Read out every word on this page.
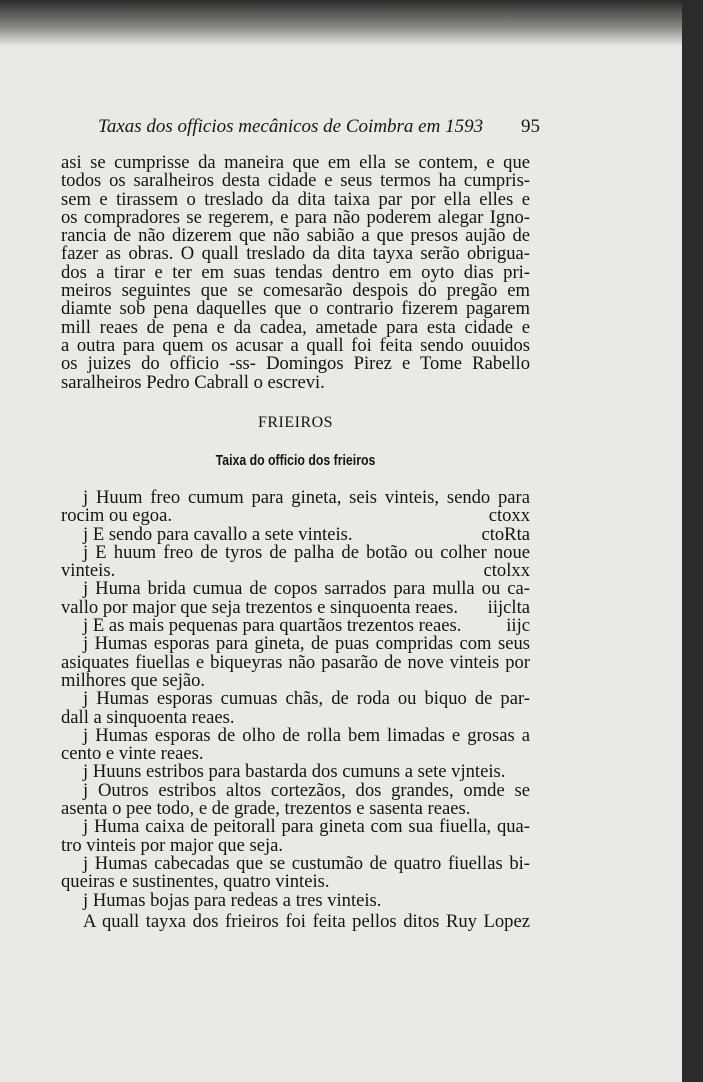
Taxas dos officios mecânicos de Coimbra em 1593 95
asi se cumprisse da maneira que em ella se contem, e que
todos os saralheiros desta cidade e seus termos ha cumpris-
sem e tirassem o treslado da dita taixa par por ella elles e
os compradores se regerem, e para não poderem alegar Igno-
rancia de não dizerem que não sabião a que presos aujão de
fazer as obras. O quall treslado da dita tayxa serão obrigua-
dos a tirar e ter em suas tendas dentro em oyto dias pri-
meiros seguintes que se comesarão despois do pregão em
diamte sob pena daquelles que o contrario fizerem pagarem
mill reaes de pena e da cadea, ametade para esta cidade e
a outra para quem os acusar a quall foi feita sendo ouuidos
os juizes do officio -ss- Domingos Pirez e Tome Rabello
saralheiros Pedro Cabrall o escrevi.
FRIEIROS
Taixa do officio dos frieiros
j Huum freo cumum para gineta, seis vinteis, sendo para
rocim ou egoa.	ctoxx
j E sendo para cavallo a sete vinteis.	ctoRta
j E huum freo de tyros de palha de botão ou colher noue
vinteis.	ctolxx
j Huma brida cumua de copos sarrados para mulla ou ca-
vallo por major que seja trezentos e sinquoenta reaes.	iijclta
j E as mais pequenas para quartãos trezentos reaes.	iijc
j Humas esporas para gineta, de puas compridas com seus
asiquates fiuellas e biqueyras não pasarão de nove vinteis por
milhores que sejão.
j Humas esporas cumuas chãs, de roda ou biquo de par-
dall a sinquoenta reaes.
j Humas esporas de olho de rolla bem limadas e grosas a
cento e vinte reaes.
j Huuns estribos para bastarda dos cumuns a sete vjnteis.
j Outros estribos altos cortezãos, dos grandes, omde se
asenta o pee todo, e de grade, trezentos e sasenta reaes.
j Huma caixa de peitorall para gineta com sua fiuella, qua-
tro vinteis por major que seja.
j Humas cabecadas que se custumão de quatro fiuellas bi-
queiras e sustinentes, quatro vinteis.
j Humas bojas para redeas a tres vinteis.
A quall tayxa dos frieiros foi feita pellos ditos Ruy Lopez
